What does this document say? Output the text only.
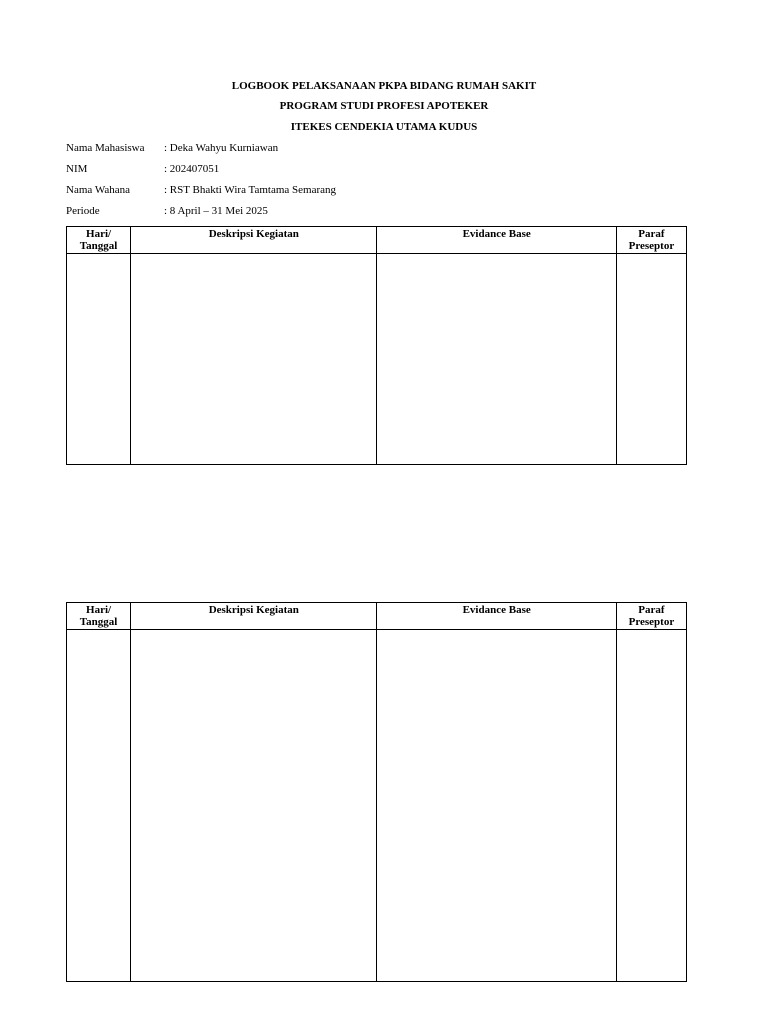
LOGBOOK PELAKSANAAN PKPA BIDANG RUMAH SAKIT
PROGRAM STUDI PROFESI APOTEKER
ITEKES CENDEKIA UTAMA KUDUS
Nama Mahasiswa : Deka Wahyu Kurniawan
NIM	: 202407051
Nama Wahana	: RST Bhakti Wira Tamtama Semarang
Periode	: 8 April – 31 Mei 2025
Hari/
Tanggal	Deskripsi Kegiatan	Evidance Base	Paraf
Preseptor

Hari/
Tanggal	Deskripsi Kegiatan	Evidance Base	Paraf
Preseptor
